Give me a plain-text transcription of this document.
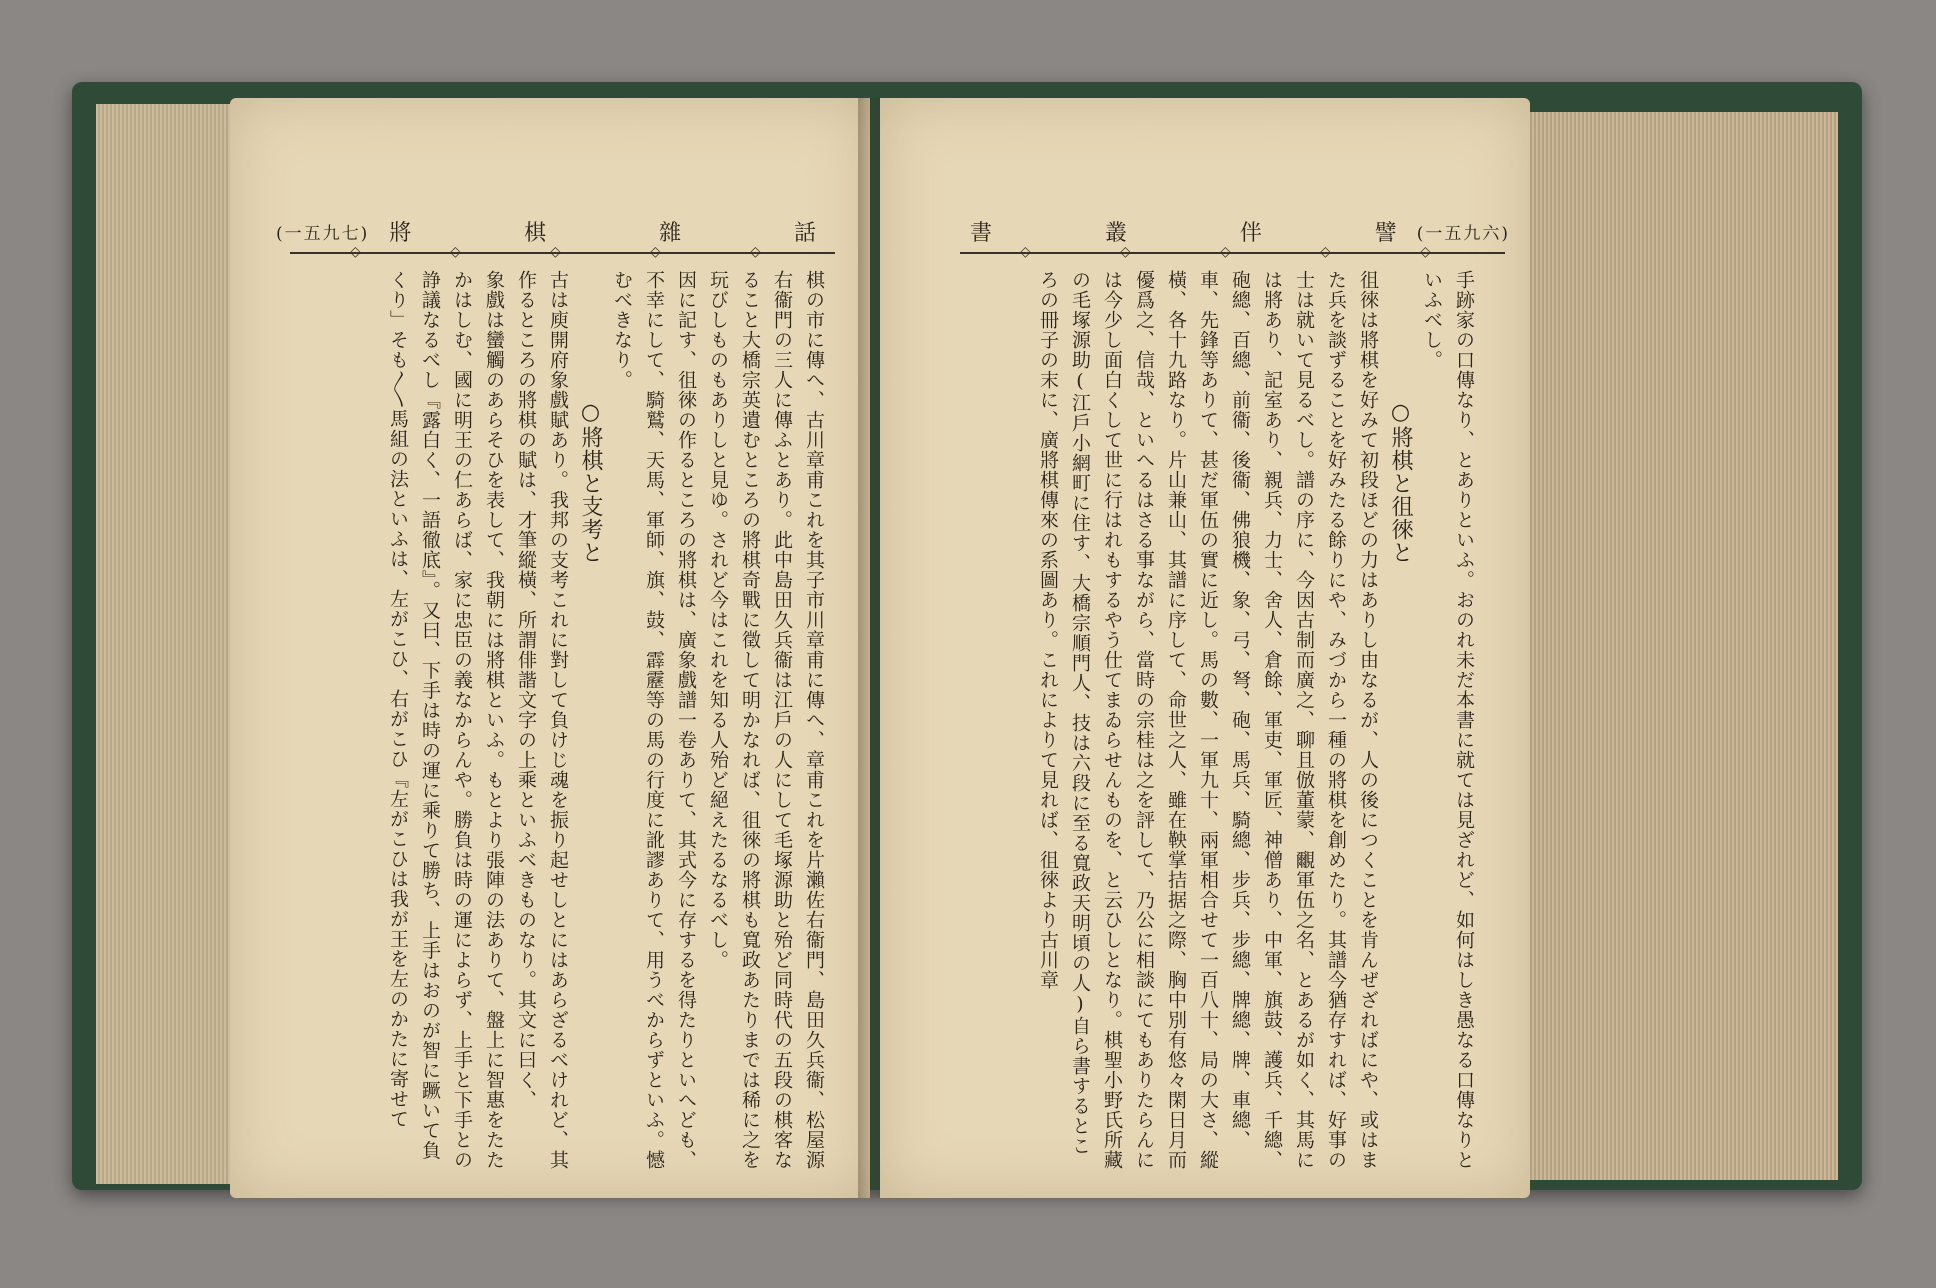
(一五九七) 將	棋	雜	話
◇	◇	◇	◇	◇
棋の市に傳へ、古川章甫これを其子市川章甫に傳へ、章甫これを片瀨佐右衞門、島田久兵衞、松屋源右衞門の三人に傳ふとあり。此中島田久兵衞は江戶の人にして毛塚源助と殆ど同時代の五段の棋客なること大橋宗英遺むところの將棋奇戰に徵して明かなれば、徂徠の將棋も寬政あたりまでは稀に之を玩びしものもありしと見ゆ。されど今はこれを知る人殆ど絕えたるなるべし。
因に記す、徂徠の作るところの將棋は、廣象戲譜一卷ありて、其式今に存するを得たりといへども、不幸にして、騎鷲、天馬、軍師、旗、鼓、霹靂等の馬の行度に訛謬ありて、用うべからずといふ。憾むべきなり。
○將棋と支考と
古は庾開府象戲賦あり。我邦の支考これに對して負けじ魂を振り起せしとにはあらざるべけれど、其作るところの將棋の賦は、才筆縱橫、所謂俳諧文字の上乘といふべきものなり。其文に曰く、
象戲は蠻觸のあらそひを表して、我朝には將棋といふ。もとより張陣の法ありて、盤上に智惠をたたかはしむ、國に明王の仁あらば、家に忠臣の義なからんや。勝負は時の運によらず、上手と下手との諍議なるべし『露白く、一語徹底』。又曰、下手は時の運に乘りて勝ち、上手はおのが智に蹶いて負くり」そも〳〵馬組の法といふは、左がこひ、右がこひ『左がこひは我が王を左のかたに寄せて
書	叢	伴	譬 (一五九六)
◇	◇	◇	◇	◇
手跡家の口傳なり、とありといふ。おのれ未だ本書に就ては見ざれど、如何はしき愚なる口傳なりといふべし。
○將棋と徂徠と
徂徠は將棋を好みて初段ほどの力はありし由なるが、人の後につくことを肯んぜざればにや、或はまた兵を談ずることを好みたる餘りにや、みづから一種の將棋を創めたり。其譜今猶存すれば、好事の士は就いて見るべし。譜の序に、今因古制而廣之、聊且倣董蒙、覼軍伍之名、とあるが如く、其馬には將あり、記室あり、親兵、力士、舍人、倉餘、軍吏、軍匠、神僧あり、中軍、旗鼓、護兵、千總、砲總、百總、前衞、後衞、佛狼機、象、弓、弩、砲、馬兵、騎總、步兵、步總、牌總、牌、車總、車、先鋒等ありて、甚だ軍伍の實に近し。馬の數、一軍九十、兩軍相合せて一百八十、局の大さ、縱橫、各十九路なり。片山兼山、其譜に序して、命世之人、雖在鞅掌拮据之際、胸中別有悠々閑日月而優爲之、信哉、といへるはさる事ながら、當時の宗桂は之を評して、乃公に相談にてもありたらんには今少し面白くして世に行はれもするやう仕てまゐらせんものを、と云ひしとなり。棋聖小野氏所藏の毛塚源助(江戶小網町に住す、大橋宗順門人、技は六段に至る寬政天明頃の人)自ら書するところの冊子の末に、廣將棋傳來の系圖あり。これによりて見れば、徂徠より古川章
